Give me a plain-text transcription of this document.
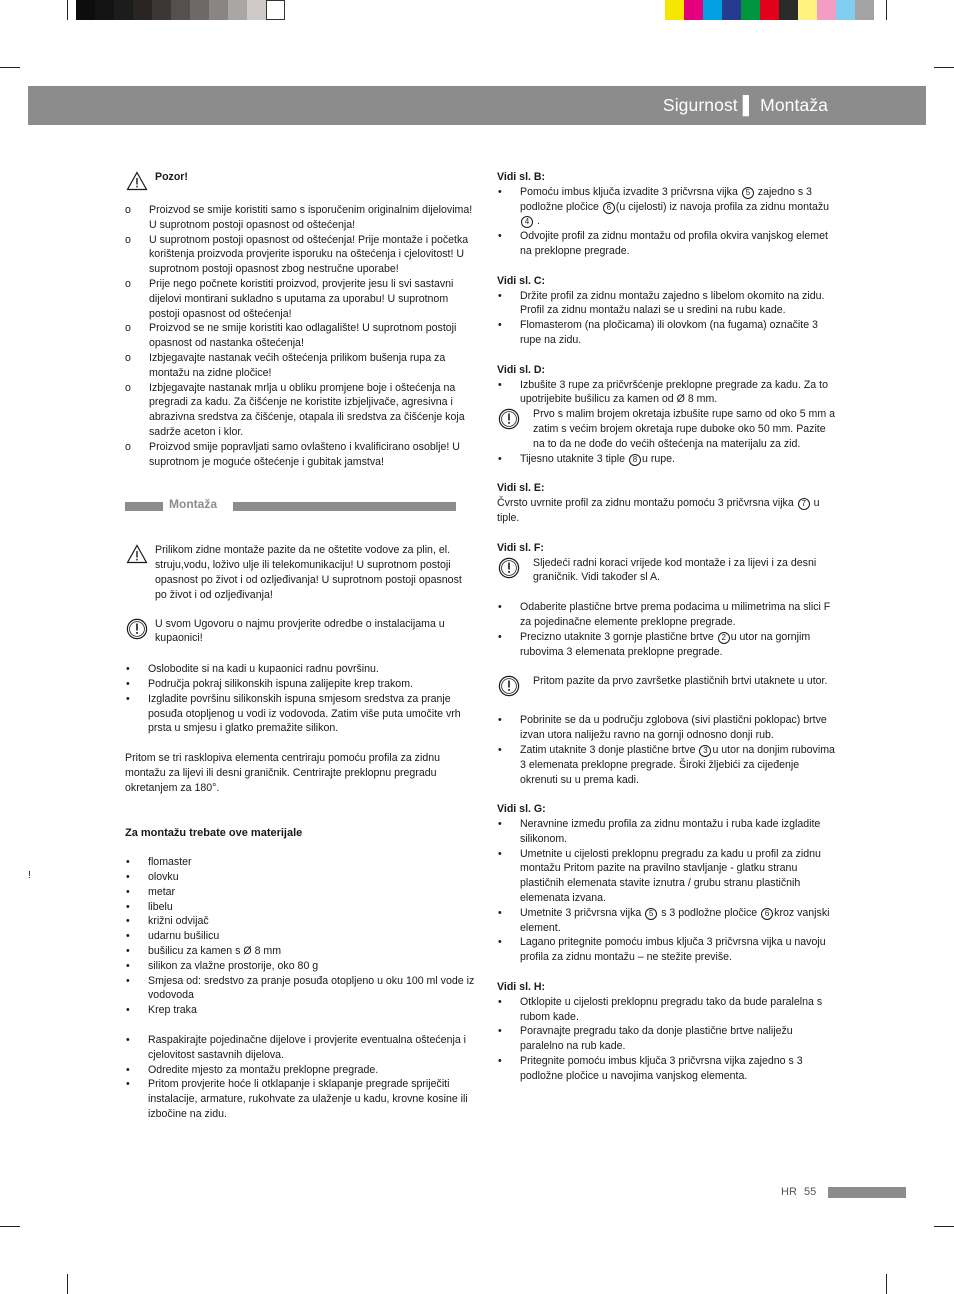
Sigurnost ▌ Montaža
Pozor!
o Proizvod se smije koristiti samo s isporučenim originalnim dijelovima! U suprotnom postoji opasnost od oštećenja!
o U suprotnom postoji opasnost od oštećenja! Prije montaže i početka korištenja proizvoda provjerite isporuku na oštećenja i cjelovitost! U suprotnom postoji opasnost zbog nestručne uporabe!
o Prije nego počnete koristiti proizvod, provjerite jesu li svi sastavni dijelovi montirani sukladno s uputama za uporabu! U suprotnom postoji opasnost od oštećenja!
o Proizvod se ne smije koristiti kao odlagalište! U suprotnom postoji opasnost od nastanka oštećenja!
o Izbjegavajte nastanak većih oštećenja prilikom bušenja rupa za montažu na zidne pločice!
o Izbjegavajte nastanak mrlja u obliku promjene boje i oštećenja na pregradi za kadu. Za čišćenje ne koristite izbjeljivače, agresivna i abrazivna sredstva za čišćenje, otapala ili sredstva za čišćenje koja sadrže aceton i klor.
o Proizvod smije popravljati samo ovlašteno i kvalificirano osoblje! U suprotnom je moguće oštećenje i gubitak jamstva!
Montaža
Prilikom zidne montaže pazite da ne oštetite vodove za plin, el. struju,vodu, loživo ulje ili telekomunikaciju! U suprotnom postoji opasnost po život i od ozljeđivanja! U suprotnom postoji opasnost po život i od ozljeđivanja!
U svom Ugovoru o najmu provjerite odredbe o instalacijama u kupaonici!
• Oslobodite si na kadi u kupaonici radnu površinu.
• Područja pokraj silikonskih ispuna zalijepite krep trakom.
• Izgladite površinu silikonskih ispuna smjesom sredstva za pranje posuđa otopljenog u vodi iz vodovoda. Zatim više puta umočite vrh prsta u smjesu i glatko premažite silikon.
Pritom se tri rasklopiva elementa centriraju pomoću profila za zidnu montažu za lijevi ili desni graničnik. Centrirajte preklopnu pregradu okretanjem za 180°.
Za montažu trebate ove materijale
• flomaster
• olovku
• metar
• libelu
• križni odvijač
• udarnu bušilicu
• bušilicu za kamen s Ø 8 mm
• silikon za vlažne prostorije, oko 80 g
• Smjesa od: sredstvo za pranje posuđa otopljeno u oku 100 ml vode iz vodovoda
• Krep traka
• Raspakirajte pojedinačne dijelove i provjerite eventualna oštećenja i cjelovitost sastavnih dijelova.
• Odredite mjesto za montažu preklopne pregrade.
• Pritom provjerite hoće li otklapanje i sklapanje pregrade spriječiti instalacije, armature, rukohvate za ulaženje u kadu, krovne kosine ili izbočine na zidu.
!
Vidi sl. B:
• Pomoću imbus ključa izvadite 3 pričvrsna vijka 5 zajedno s 3 podložne pločice 6 (u cijelosti) iz navoja profila za zidnu montažu 4 .
• Odvojite profil za zidnu montažu od profila okvira vanjskog elemet na preklopne pregrade.
Vidi sl. C:
• Držite profil za zidnu montažu zajedno s libelom okomito na zidu. Profil za zidnu montažu nalazi se u sredini na rubu kade.
• Flomasterom (na pločicama) ili olovkom (na fugama) označite 3 rupe na zidu.
Vidi sl. D:
• Izbušite 3 rupe za pričvršćenje preklopne pregrade za kadu. Za to upotrijebite bušilicu za kamen od Ø 8 mm.
Prvo s malim brojem okretaja izbušite rupe samo od oko 5 mm a zatim s većim brojem okretaja rupe duboke oko 50 mm. Pazite na to da ne dođe do većih oštećenja na materijalu za zid.
• Tijesno utaknite 3 tiple 8 u rupe.
Vidi sl. E:
Čvrsto uvrnite profil za zidnu montažu pomoću 3 pričvrsna vijka 7 u tiple.
Vidi sl. F:
Sljedeći radni koraci vrijede kod montaže i za lijevi i za desni graničnik. Vidi također sl A.
• Odaberite plastične brtve prema podacima u milimetrima na slici F za pojedinačne elemente preklopne pregrade.
• Precizno utaknite 3 gornje plastične brtve 2 u utor na gornjim rubovima 3 elemenata preklopne pregrade.
Pritom pazite da prvo završetke plastičnih brtvi utaknete u utor.
• Pobrinite se da u području zglobova (sivi plastični poklopac) brtve izvan utora naliježu ravno na gornji odnosno donji rub.
• Zatim utaknite 3 donje plastične brtve 3 u utor na donjim rubovima 3 elemenata preklopne pregrade. Široki žljebići za cijeđenje okrenuti su u prema kadi.
Vidi sl. G:
• Neravnine između profila za zidnu montažu i ruba kade izgladite silikonom.
• Umetnite u cijelosti preklopnu pregradu za kadu u profil za zidnu montažu Pritom pazite na pravilno stavljanje - glatku stranu plastičnih elemenata stavite iznutra / grubu stranu plastičnih elemenata izvana.
• Umetnite 3 pričvrsna vijka 5 s 3 podložne pločice 6 kroz vanjski element.
• Lagano pritegnite pomoću imbus ključa 3 pričvrsna vijka u navoju profila za zidnu montažu – ne stežite previše.
Vidi sl. H:
• Otklopite u cijelosti preklopnu pregradu tako da bude paralelna s rubom kade.
• Poravnajte pregradu tako da donje plastične brtve naliježu paralelno na rub kade.
• Pritegnite pomoću imbus ključa 3 pričvrsna vijka zajedno s 3 podložne pločice u navojima vanjskog elementa.
HR 55
